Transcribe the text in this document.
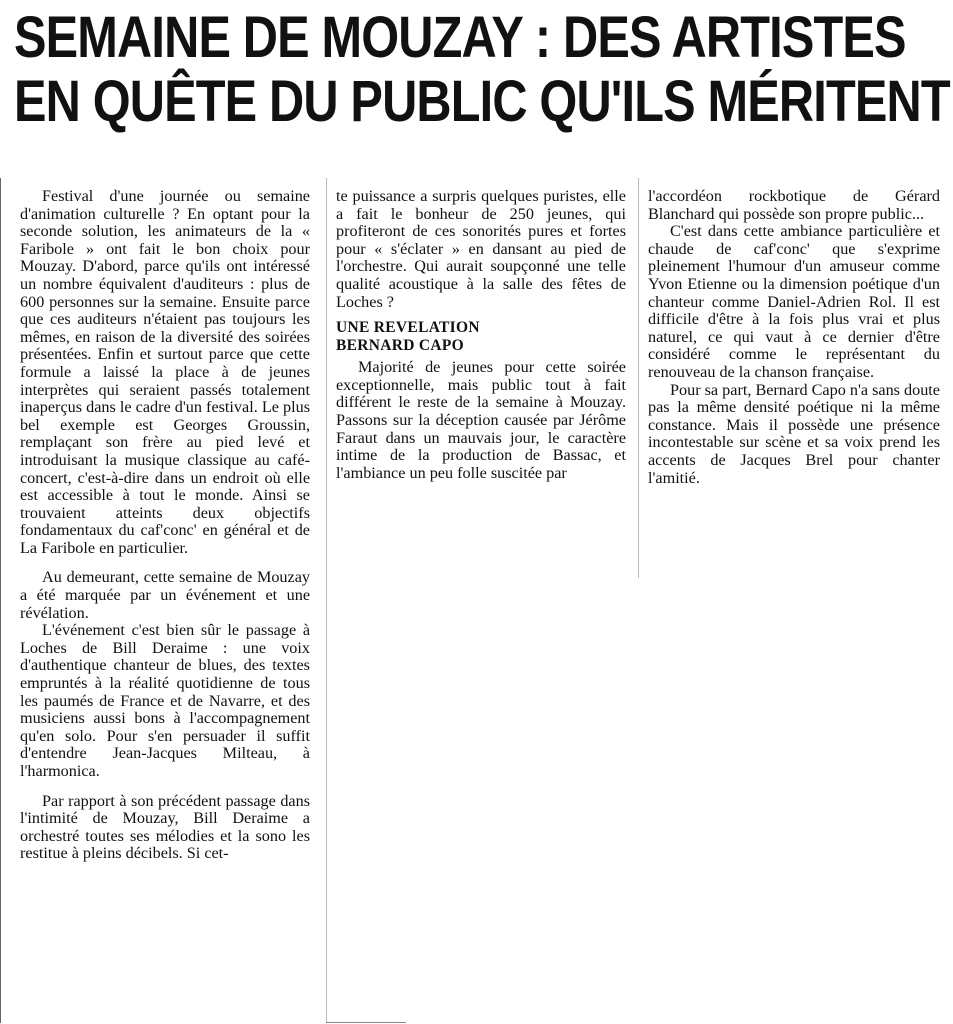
SEMAINE DE MOUZAY : DES ARTISTES
EN QUÊTE DU PUBLIC QU'ILS MÉRITENT

Festival d'une journée ou semaine d'animation culturelle ? En optant pour la seconde solution, les animateurs de la « Faribole » ont fait le bon choix pour Mouzay. D'abord, parce qu'ils ont intéressé un nombre équivalent d'auditeurs : plus de 600 personnes sur la semaine. Ensuite parce que ces auditeurs n'étaient pas toujours les mêmes, en raison de la diversité des soirées présentées. Enfin et surtout parce que cette formule a laissé la place à de jeunes interprètes qui seraient passés totalement inaperçus dans le cadre d'un festival. Le plus bel exemple est Georges Groussin, remplaçant son frère au pied levé et introduisant la musique classique au café-concert, c'est-à-dire dans un endroit où elle est accessible à tout le monde. Ainsi se trouvaient atteints deux objectifs fondamentaux du caf'conc' en général et de La Faribole en particulier.

Au demeurant, cette semaine de Mouzay a été marquée par un événement et une révélation.

L'événement c'est bien sûr le passage à Loches de Bill Deraime : une voix d'authentique chanteur de blues, des textes empruntés à la réalité quotidienne de tous les paumés de France et de Navarre, et des musiciens aussi bons à l'accompagnement qu'en solo. Pour s'en persuader il suffit d'entendre Jean-Jacques Milteau, à l'harmonica.

Par rapport à son précédent passage dans l'intimité de Mouzay, Bill Deraime a orchestré toutes ses mélodies et la sono les restitue à pleins décibels. Si cet-

te puissance a surpris quelques puristes, elle a fait le bonheur de 250 jeunes, qui profiteront de ces sonorités pures et fortes pour « s'éclater » en dansant au pied de l'orchestre. Qui aurait soupçonné une telle qualité acoustique à la salle des fêtes de Loches ?

UNE REVELATION
BERNARD CAPO

Majorité de jeunes pour cette soirée exceptionnelle, mais public tout à fait différent le reste de la semaine à Mouzay. Passons sur la déception causée par Jérôme Faraut dans un mauvais jour, le caractère intime de la production de Bassac, et l'ambiance un peu folle suscitée par

l'accordéon rockbotique de Gérard Blanchard qui possède son propre public...

C'est dans cette ambiance particulière et chaude de caf'conc' que s'exprime pleinement l'humour d'un amuseur comme Yvon Etienne ou la dimension poétique d'un chanteur comme Daniel-Adrien Rol. Il est difficile d'être à la fois plus vrai et plus naturel, ce qui vaut à ce dernier d'être considéré comme le représentant du renouveau de la chanson française.

Pour sa part, Bernard Capo n'a sans doute pas la même densité poétique ni la même constance. Mais il possède une présence incontestable sur scène et sa voix prend les accents de Jacques Brel pour chanter l'amitié.
